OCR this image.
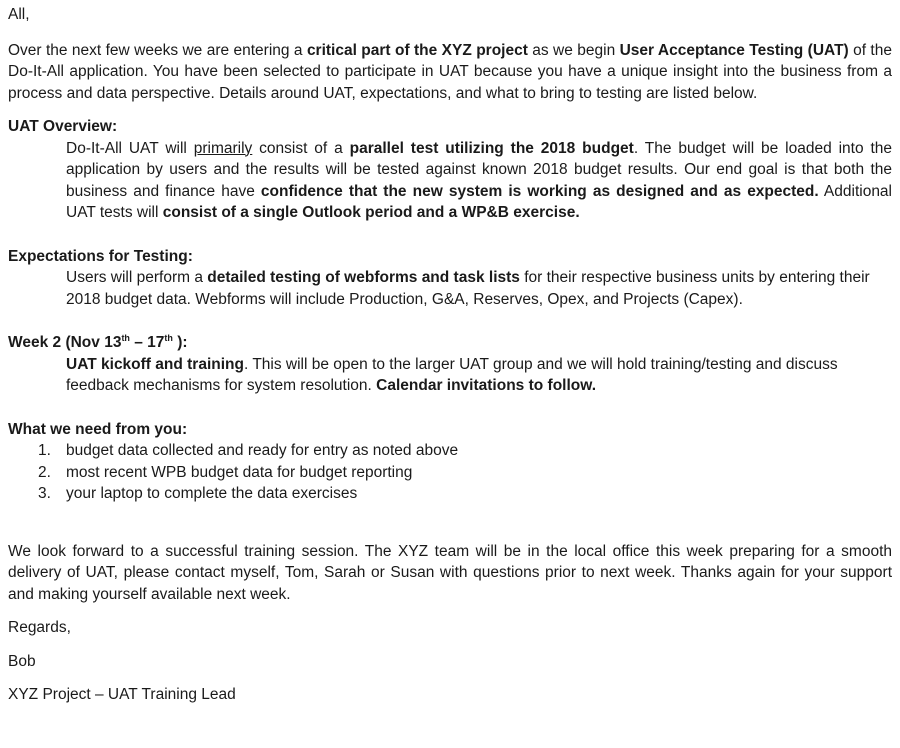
All,

Over the next few weeks we are entering a critical part of the XYZ project as we begin User Acceptance Testing (UAT) of the Do-It-All application. You have been selected to participate in UAT because you have a unique insight into the business from a process and data perspective. Details around UAT, expectations, and what to bring to testing are listed below.

UAT Overview:

Do-It-All UAT will primarily consist of a parallel test utilizing the 2018 budget. The budget will be loaded into the application by users and the results will be tested against known 2018 budget results. Our end goal is that both the business and finance have confidence that the new system is working as designed and as expected. Additional UAT tests will consist of a single Outlook period and a WP&B exercise.

Expectations for Testing:

Users will perform a detailed testing of webforms and task lists for their respective business units by entering their 2018 budget data. Webforms will include Production, G&A, Reserves, Opex, and Projects (Capex).

Week 2 (Nov 13th – 17th ):

UAT kickoff and training. This will be open to the larger UAT group and we will hold training/testing and discuss feedback mechanisms for system resolution. Calendar invitations to follow.

What we need from you:

1. budget data collected and ready for entry as noted above
2. most recent WPB budget data for budget reporting
3. your laptop to complete the data exercises

We look forward to a successful training session. The XYZ team will be in the local office this week preparing for a smooth delivery of UAT, please contact myself, Tom, Sarah or Susan with questions prior to next week. Thanks again for your support and making yourself available next week.

Regards,

Bob

XYZ Project – UAT Training Lead
